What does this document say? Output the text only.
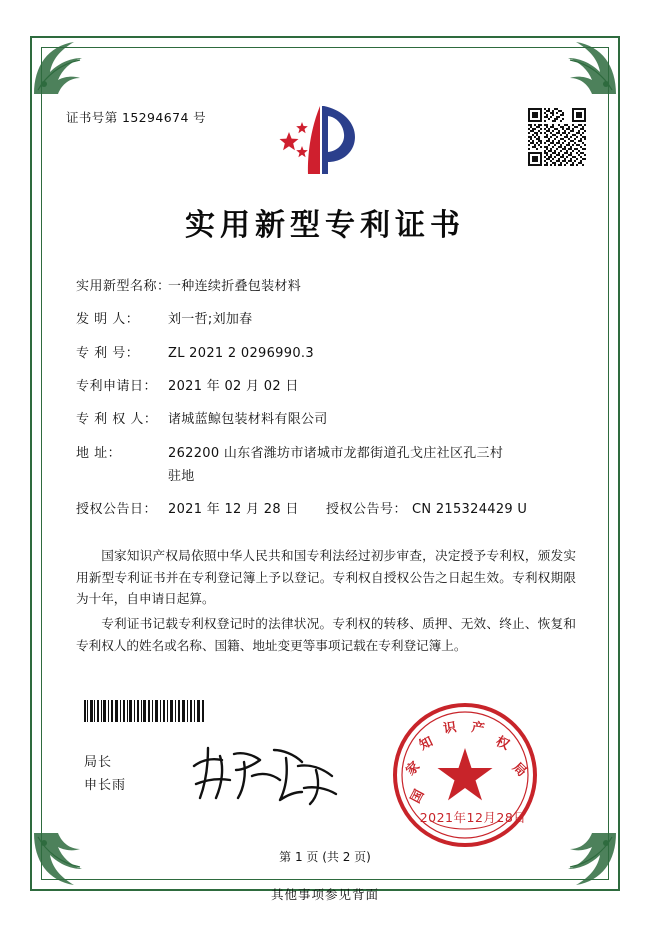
证书号第 15294674 号
实用新型专利证书
实用新型名称：
一种连续折叠包装材料
发 明 人：	刘一哲;刘加春
专 利 号：	ZL 2021 2 0296990.3
专利申请日： 2021 年 02 月 02 日
专 利 权 人： 诸城蓝鲸包装材料有限公司
地 址：	262200 山东省潍坊市诸城市龙都街道孔戈庄社区孔三村
驻地
授权公告日： 2021 年 12 月 28 日	授权公告号： CN 215324429 U

国家知识产权局依照中华人民共和国专利法经过初步审查，决定授予专利权，颁发实用新型专利证书并在专利登记簿上予以登记。专利权自授权公告之日起生效。专利权期限为十年，自申请日起算。

专利证书记载专利权登记时的法律状况。专利权的转移、质押、无效、终止、恢复和专利权人的姓名或名称、国籍、地址变更等事项记载在专利登记簿上。

局长
申长雨
国
家
知
识 产
权
局
2021年12月28日
第 1 页 (共 2 页)
其他事项参见背面
